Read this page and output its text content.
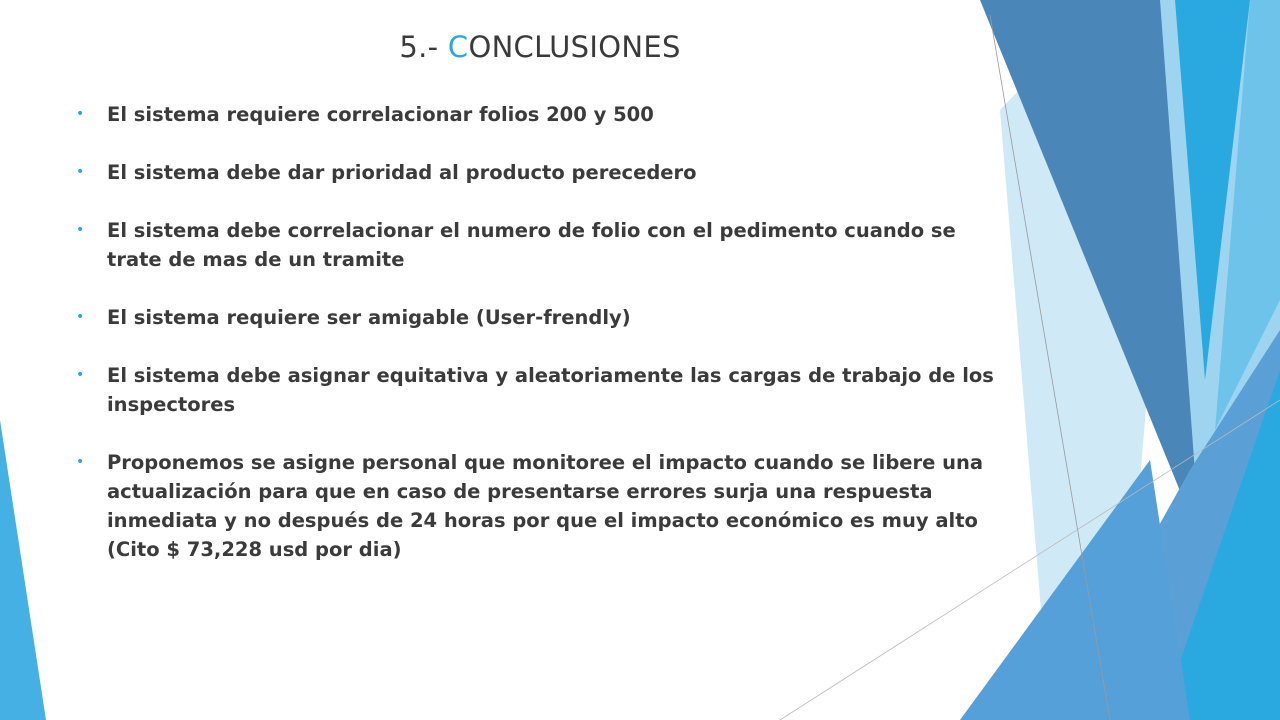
5.- CONCLUSIONES
• El sistema requiere correlacionar folios 200 y 500
• El sistema debe dar prioridad al producto perecedero
• El sistema debe correlacionar el numero de folio con el pedimento cuando se trate de mas de un tramite
• El sistema requiere ser amigable (User-frendly)
• El sistema debe asignar equitativa y aleatoriamente las cargas de trabajo de los inspectores
• Proponemos se asigne personal que monitoree el impacto cuando se libere una actualización para que en caso de presentarse errores surja una respuesta inmediata y no después de 24 horas por que el impacto económico es muy alto (Cito $ 73,228 usd por dia)
